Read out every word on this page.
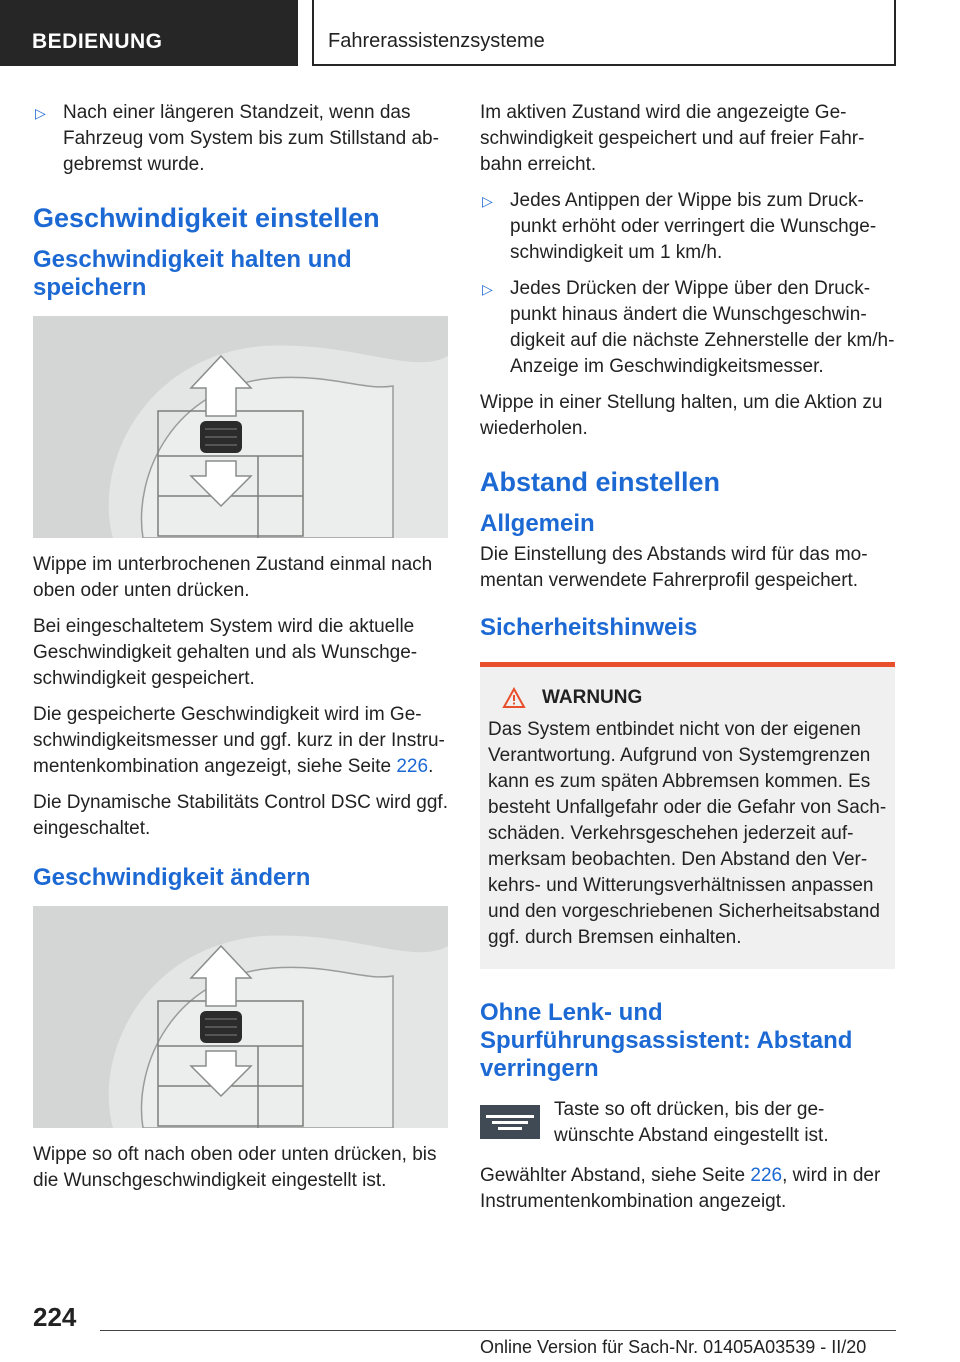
BEDIENUNG	Fahrerassistenzsysteme
▷ Nach einer längeren Standzeit, wenn das Fahrzeug vom System bis zum Stillstand abgebremst wurde.
Geschwindigkeit einstellen
Geschwindigkeit halten und speichern

Wippe im unterbrochenen Zustand einmal nach oben oder unten drücken.

Bei eingeschaltetem System wird die aktuelle Geschwindigkeit gehalten und als Wunschgeschwindigkeit gespeichert.

Die gespeicherte Geschwindigkeit wird im Geschwindigkeitsmesser und ggf. kurz in der Instrumentenkombination angezeigt, siehe Seite 226.

Die Dynamische Stabilitäts Control DSC wird ggf. eingeschaltet.

Geschwindigkeit ändern

Wippe so oft nach oben oder unten drücken, bis die Wunschgeschwindigkeit eingestellt ist.

Im aktiven Zustand wird die angezeigte Geschwindigkeit gespeichert und auf freier Fahrbahn erreicht.

▷ Jedes Antippen der Wippe bis zum Druckpunkt erhöht oder verringert die Wunschgeschwindigkeit um 1 km/h.
▷ Jedes Drücken der Wippe über den Druckpunkt hinaus ändert die Wunschgeschwindigkeit auf die nächste Zehnerstelle der km/h-Anzeige im Geschwindigkeitsmesser.

Wippe in einer Stellung halten, um die Aktion zu wiederholen.

Abstand einstellen
Allgemein

Die Einstellung des Abstands wird für das momentan verwendete Fahrerprofil gespeichert.

Sicherheitshinweis
WARNUNG
Das System entbindet nicht von der eigenen Verantwortung. Aufgrund von Systemgrenzen kann es zum späten Abbremsen kommen. Es besteht Unfallgefahr oder die Gefahr von Sachschäden. Verkehrsgeschehen jederzeit aufmerksam beobachten. Den Abstand den Verkehrs- und Witterungsverhältnissen anpassen und den vorgeschriebenen Sicherheitsabstand ggf. durch Bremsen einhalten.
Ohne Lenk- und Spurführungsassistent: Abstand verringern
Taste so oft drücken, bis der gewünschte Abstand eingestellt ist.

Gewählter Abstand, siehe Seite 226, wird in der Instrumentenkombination angezeigt.

224
Online Version für Sach-Nr. 01405A03539 - II/20
